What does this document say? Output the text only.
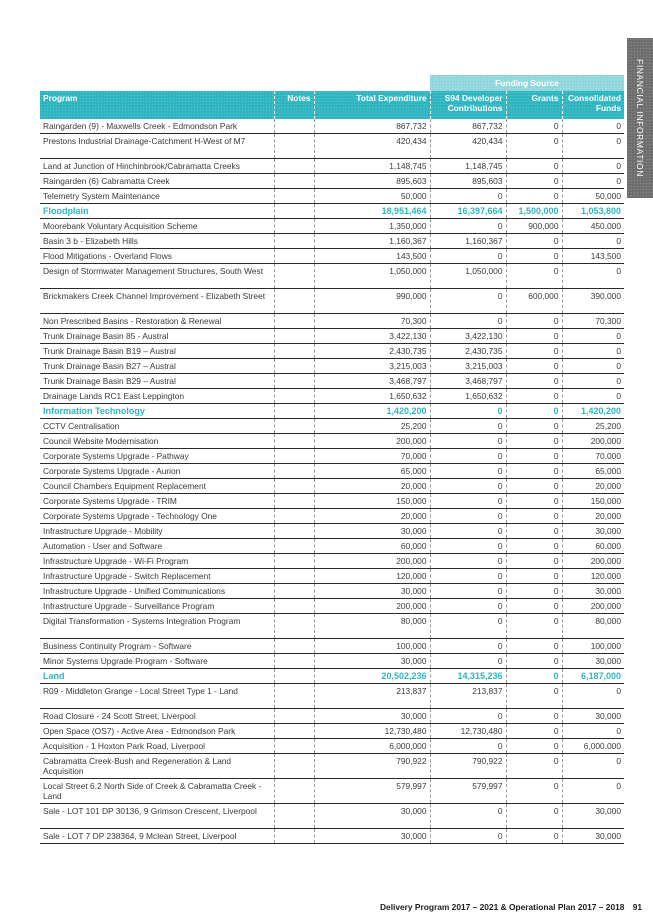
FINANCIAL INFORMATION
			Funding Source		
Program	Notes	Total Expenditure	S94 Developer Contributions	Grants	Consolidated Funds
Raingarden (9) - Maxwells Creek - Edmondson Park		867,732	867,732	0	0
Prestons Industrial Drainage-Catchment H-West of M7		420,434	420,434	0	0
Land at Junction of Hinchinbrook/Cabramatta Creeks		1,148,745	1,148,745	0	0
Raingarden (6) Cabramatta Creek		895,603	895,603	0	0
Telemetry System Maintenance		50,000	0	0	50,000
Floodplain		18,951,464	16,397,664	1,500,000	1,053,800
Moorebank Voluntary Acquisition Scheme		1,350,000	0	900,000	450,000
Basin 3 b - Elizabeth Hills		1,160,367	1,160,367	0	0
Flood Mitigations - Overland Flows		143,500	0	0	143,500
Design of Stormwater Management Structures, South West		1,050,000	1,050,000	0	0
Brickmakers Creek Channel Improvement - Elizabeth Street		990,000	0	600,000	390,000
Non Prescribed Basins - Restoration & Renewal		70,300	0	0	70,300
Trunk Drainage Basin 85 - Austral		3,422,130	3,422,130	0	0
Trunk Drainage Basin B19 – Austral		2,430,735	2,430,735	0	0
Trunk Drainage Basin B27 – Austral		3,215,003	3,215,003	0	0
Trunk Drainage Basin B29 – Austral		3,468,797	3,468,797	0	0
Drainage Lands RC1 East Leppington		1,650,632	1,650,632	0	0
Information Technology		1,420,200	0	0	1,420,200
CCTV Centralisation		25,200	0	0	25,200
Council Website Modernisation		200,000	0	0	200,000
Corporate Systems Upgrade - Pathway		70,000	0	0	70,000
Corporate Systems Upgrade - Aurion		65,000	0	0	65,000
Council Chambers Equipment Replacement		20,000	0	0	20,000
Corporate Systems Upgrade - TRIM		150,000	0	0	150,000
Corporate Systems Upgrade - Technology One		20,000	0	0	20,000
Infrastructure Upgrade - Mobility		30,000	0	0	30,000
Automation - User and Software		60,000	0	0	60,000
Infrastructure Upgrade - Wi-Fi Program		200,000	0	0	200,000
Infrastructure Upgrade - Switch Replacement		120,000	0	0	120,000
Infrastructure Upgrade - Unified Communications		30,000	0	0	30,000
Infrastructure Upgrade - Surveillance Program		200,000	0	0	200,000
Digital Transformation - Systems Integration Program		80,000	0	0	80,000
Business Continuity Program - Software		100,000	0	0	100,000
Minor Systems Upgrade Program - Software		30,000	0	0	30,000
Land		20,502,236	14,315,236	0	6,187,000
R09 - Middleton Grange - Local Street Type 1 - Land		213,837	213,837	0	0
Road Closure - 24 Scott Street, Liverpool		30,000	0	0	30,000
Open Space (OS7) - Active Area - Edmondson Park		12,730,480	12,730,480	0	0
Acquisition - 1 Hoxton Park Road, Liverpool		6,000,000	0	0	6,000,000
Cabramatta Creek-Bush and Regeneration & Land Acquisition		790,922	790,922	0	0
Local Street 6.2 North Side of Creek & Cabramatta Creek - Land		579,997	579,997	0	0
Sale - LOT 101 DP 30136, 9 Grimson Crescent, Liverpool		30,000	0	0	30,000
Sale - LOT 7 DP 238364, 9 Mclean Street, Liverpool		30,000	0	0	30,000
Delivery Program 2017 – 2021 & Operational Plan 2017 – 2018 91
